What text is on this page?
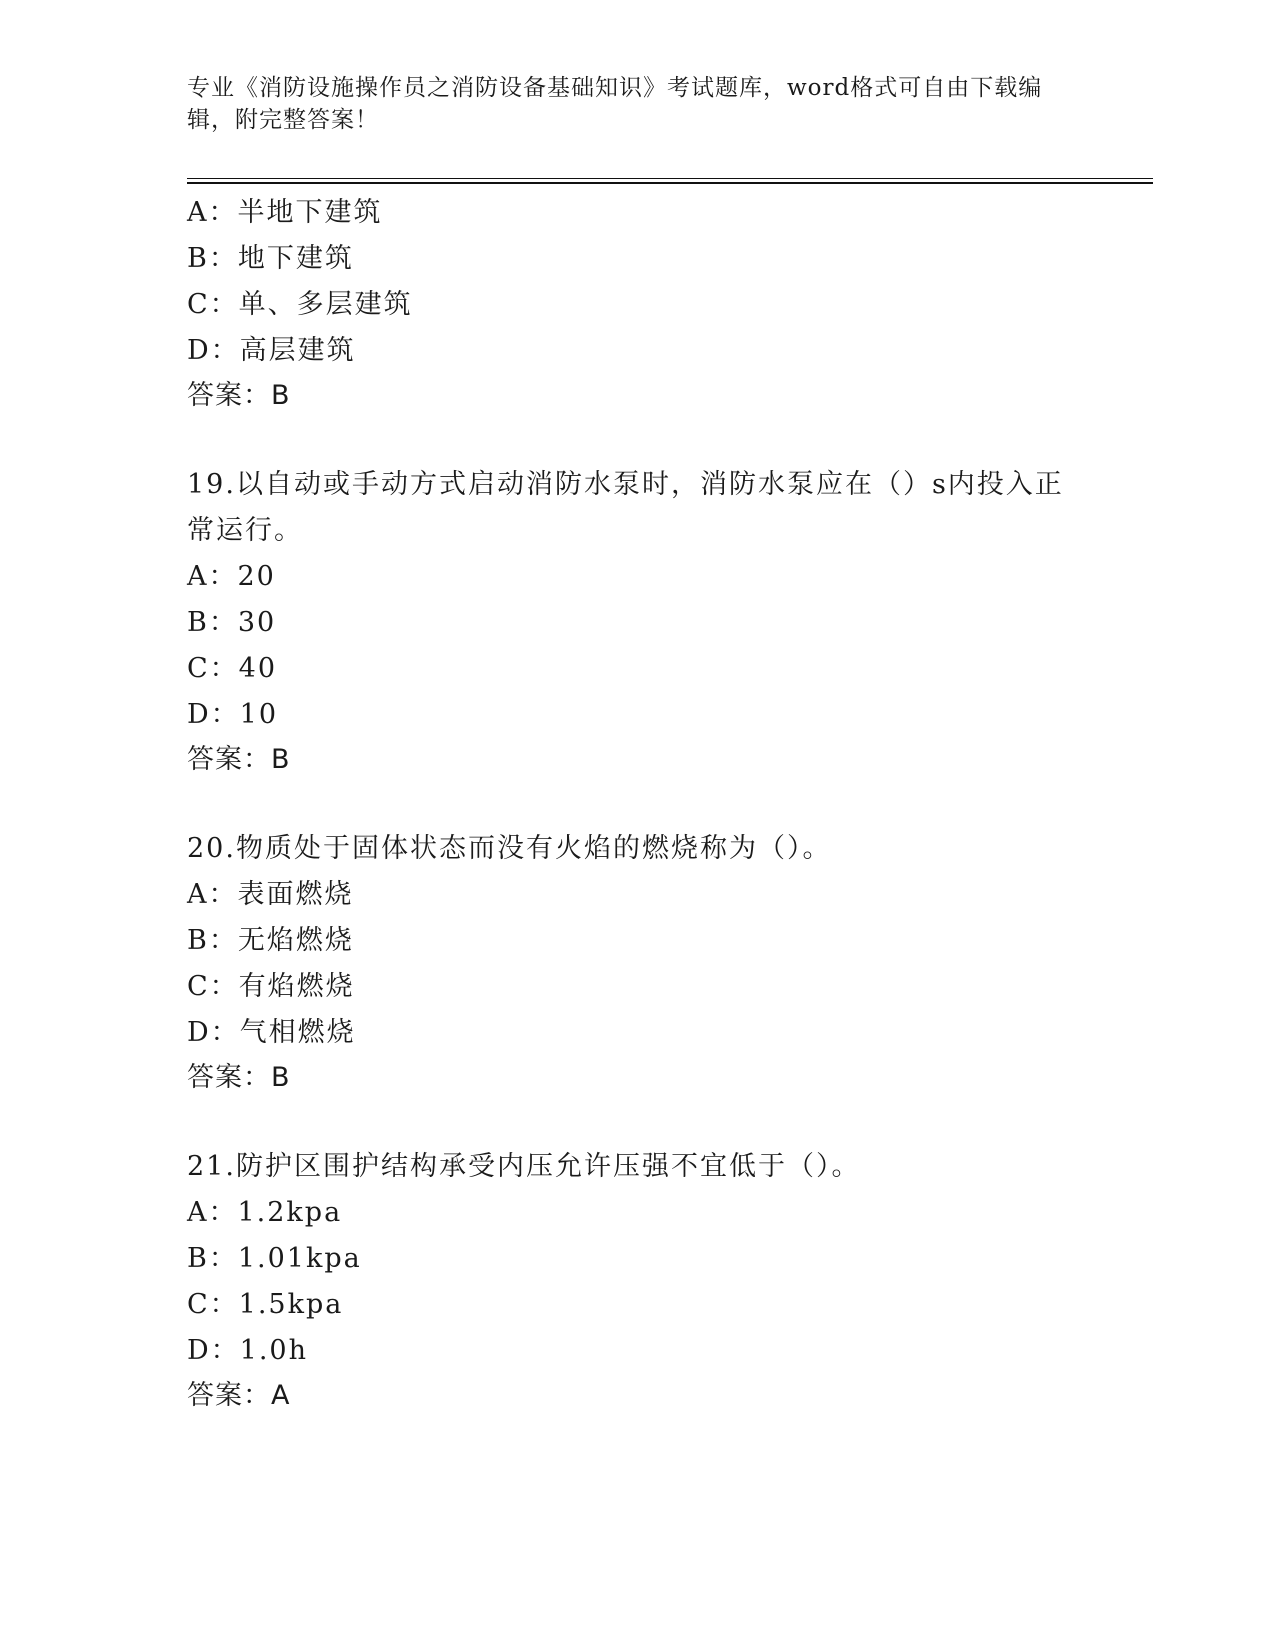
专业《消防设施操作员之消防设备基础知识》考试题库，word格式可自由下载编
辑，附完整答案！
A：半地下建筑
B：地下建筑
C：单、多层建筑
D：高层建筑
答案：B
19.以自动或手动方式启动消防水泵时，消防水泵应在（）s内投入正
常运行。
A：20
B：30
C：40
D：10
答案：B
20.物质处于固体状态而没有火焰的燃烧称为（）。
A：表面燃烧
B：无焰燃烧
C：有焰燃烧
D：气相燃烧
答案：B
21.防护区围护结构承受内压允许压强不宜低于（）。
A：1.2kpa
B：1.01kpa
C：1.5kpa
D：1.0h
答案：A
